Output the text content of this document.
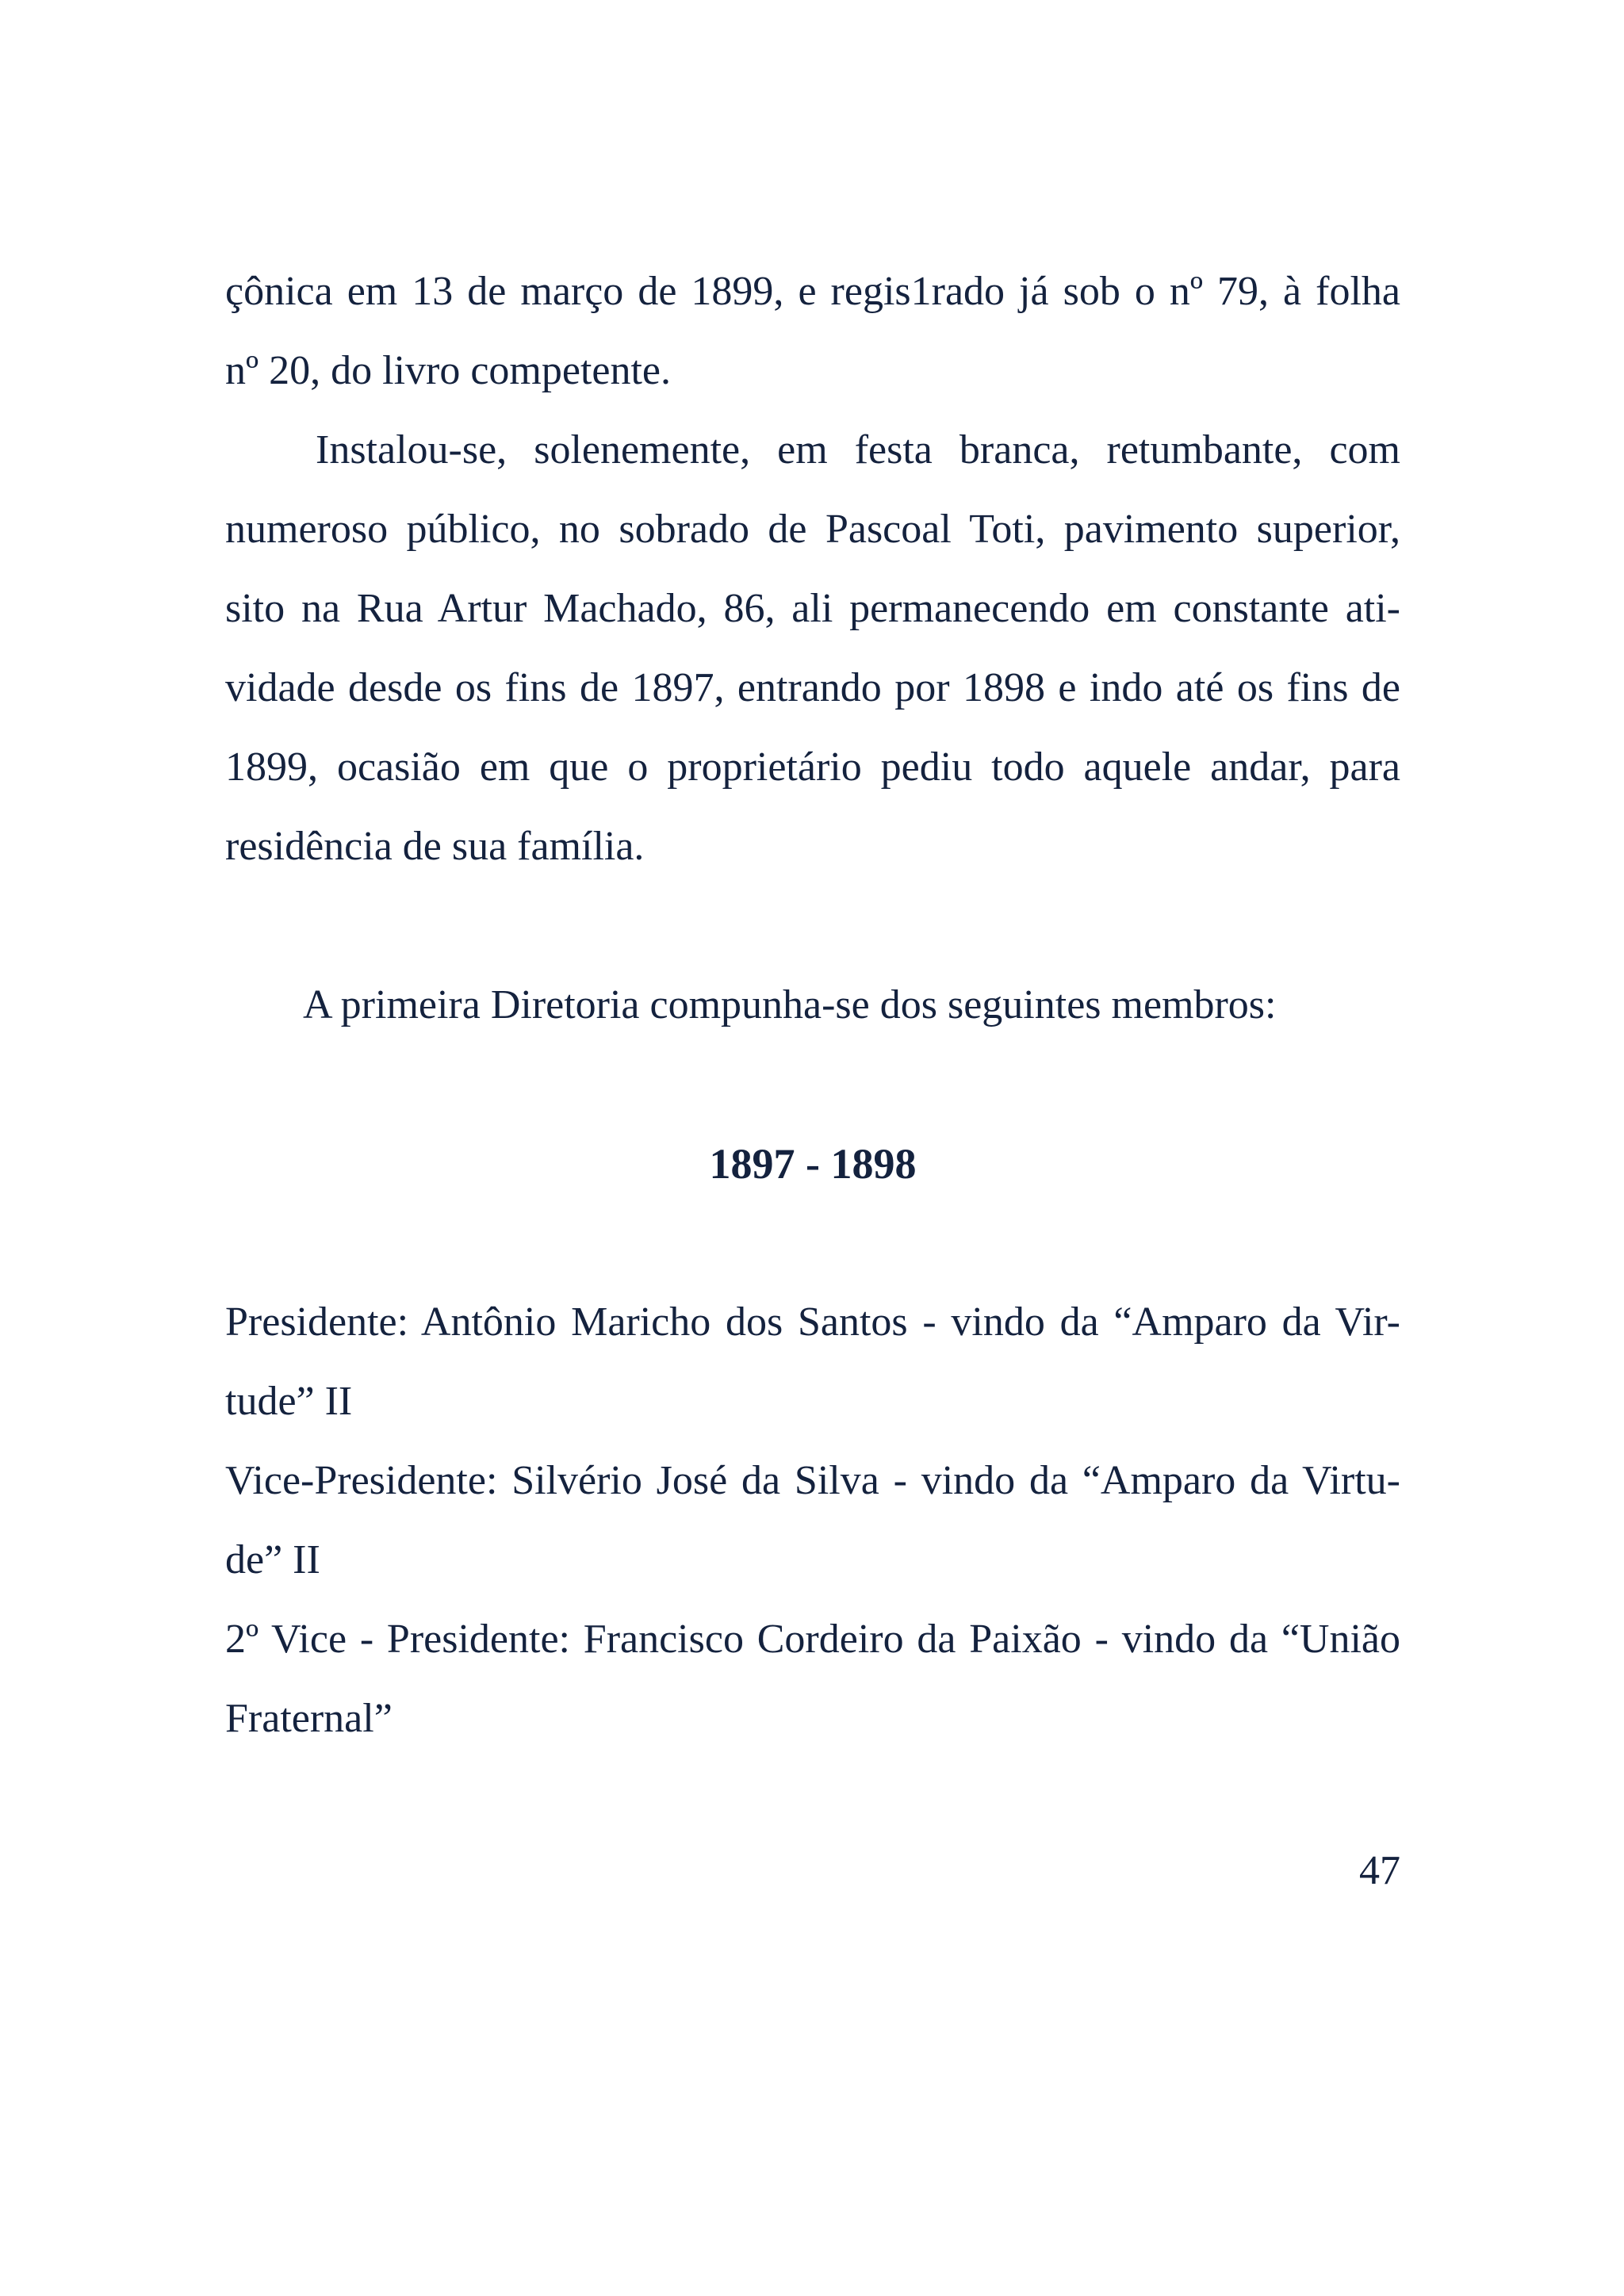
çônica em 13 de março de 1899, e regis1rado já sob o nº 79, à folha
nº 20, do livro competente.
Instalou-se, solenemente, em festa branca, retumbante, com
numeroso público, no sobrado de Pascoal Toti, pavimento superior,
sito na Rua Artur Machado, 86, ali permanecendo em constante ati-
vidade desde os fins de 1897, entrando por 1898 e indo até os fins de
1899, ocasião em que o proprietário pediu todo aquele andar, para
residência de sua família.
A primeira Diretoria compunha-se dos seguintes membros:
1897 - 1898
Presidente: Antônio Maricho dos Santos - vindo da “Amparo da Vir-
tude” II
Vice-Presidente: Silvério José da Silva - vindo da “Amparo da Virtu-
de” II
2º Vice - Presidente: Francisco Cordeiro da Paixão - vindo da “União
Fraternal”
47
